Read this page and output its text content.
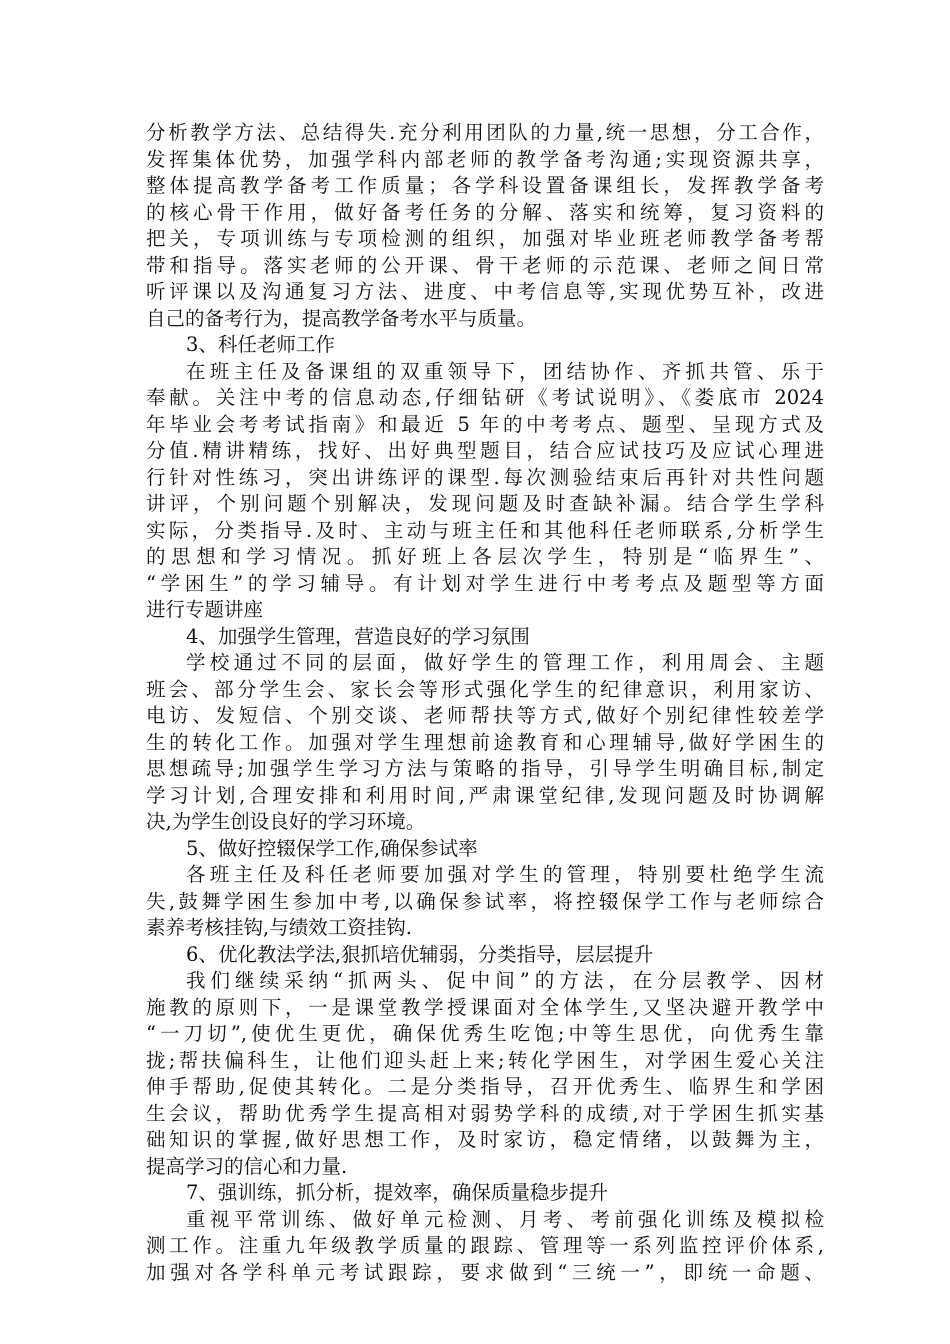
分析教学方法、总结得失.充分利用团队的力量,统一思想，分工合作，
发挥集体优势，加强学科内部老师的教学备考沟通;实现资源共享，
整体提高教学备考工作质量；各学科设置备课组长，发挥教学备考
的核心骨干作用，做好备考任务的分解、落实和统筹，复习资料的
把关，专项训练与专项检测的组织，加强对毕业班老师教学备考帮
带和指导。落实老师的公开课、骨干老师的示范课、老师之间日常
听评课以及沟通复习方法、进度、中考信息等,实现优势互补，改进
自己的备考行为，提高教学备考水平与质量。
3、科任老师工作
在班主任及备课组的双重领导下，团结协作、齐抓共管、乐于
奉献。关注中考的信息动态,仔细钻研《考试说明》、《娄底市 2024
年毕业会考考试指南》和最近 5 年的中考考点、题型、呈现方式及
分值.精讲精练，找好、出好典型题目，结合应试技巧及应试心理进
行针对性练习，突出讲练评的课型.每次测验结束后再针对共性问题
讲评，个别问题个别解决，发现问题及时查缺补漏。结合学生学科
实际，分类指导.及时、主动与班主任和其他科任老师联系,分析学生
的思想和学习情况。抓好班上各层次学生，特别是“临界生”、
“学困生”的学习辅导。有计划对学生进行中考考点及题型等方面
进行专题讲座
4、加强学生管理，营造良好的学习氛围
学校通过不同的层面，做好学生的管理工作，利用周会、主题
班会、部分学生会、家长会等形式强化学生的纪律意识，利用家访、
电访、发短信、个别交谈、老师帮扶等方式,做好个别纪律性较差学
生的转化工作。加强对学生理想前途教育和心理辅导,做好学困生的
思想疏导;加强学生学习方法与策略的指导，引导学生明确目标,制定
学习计划,合理安排和利用时间,严肃课堂纪律,发现问题及时协调解
决,为学生创设良好的学习环境。
5、做好控辍保学工作,确保参试率
各班主任及科任老师要加强对学生的管理，特别要杜绝学生流
失,鼓舞学困生参加中考,以确保参试率，将控辍保学工作与老师综合
素养考核挂钩,与绩效工资挂钩.
6、优化教法学法,狠抓培优辅弱，分类指导，层层提升
我们继续采纳“抓两头、促中间”的方法，在分层教学、因材
施教的原则下，一是课堂教学授课面对全体学生,又坚决避开教学中
“一刀切”,使优生更优，确保优秀生吃饱;中等生思优，向优秀生靠
拢;帮扶偏科生，让他们迎头赶上来;转化学困生，对学困生爱心关注
伸手帮助,促使其转化。二是分类指导，召开优秀生、临界生和学困
生会议，帮助优秀学生提高相对弱势学科的成绩,对于学困生抓实基
础知识的掌握,做好思想工作，及时家访，稳定情绪，以鼓舞为主，
提高学习的信心和力量.
7、强训练，抓分析，提效率，确保质量稳步提升
重视平常训练、做好单元检测、月考、考前强化训练及模拟检
测工作。注重九年级教学质量的跟踪、管理等一系列监控评价体系,
加强对各学科单元考试跟踪，要求做到“三统一”，即统一命题、
